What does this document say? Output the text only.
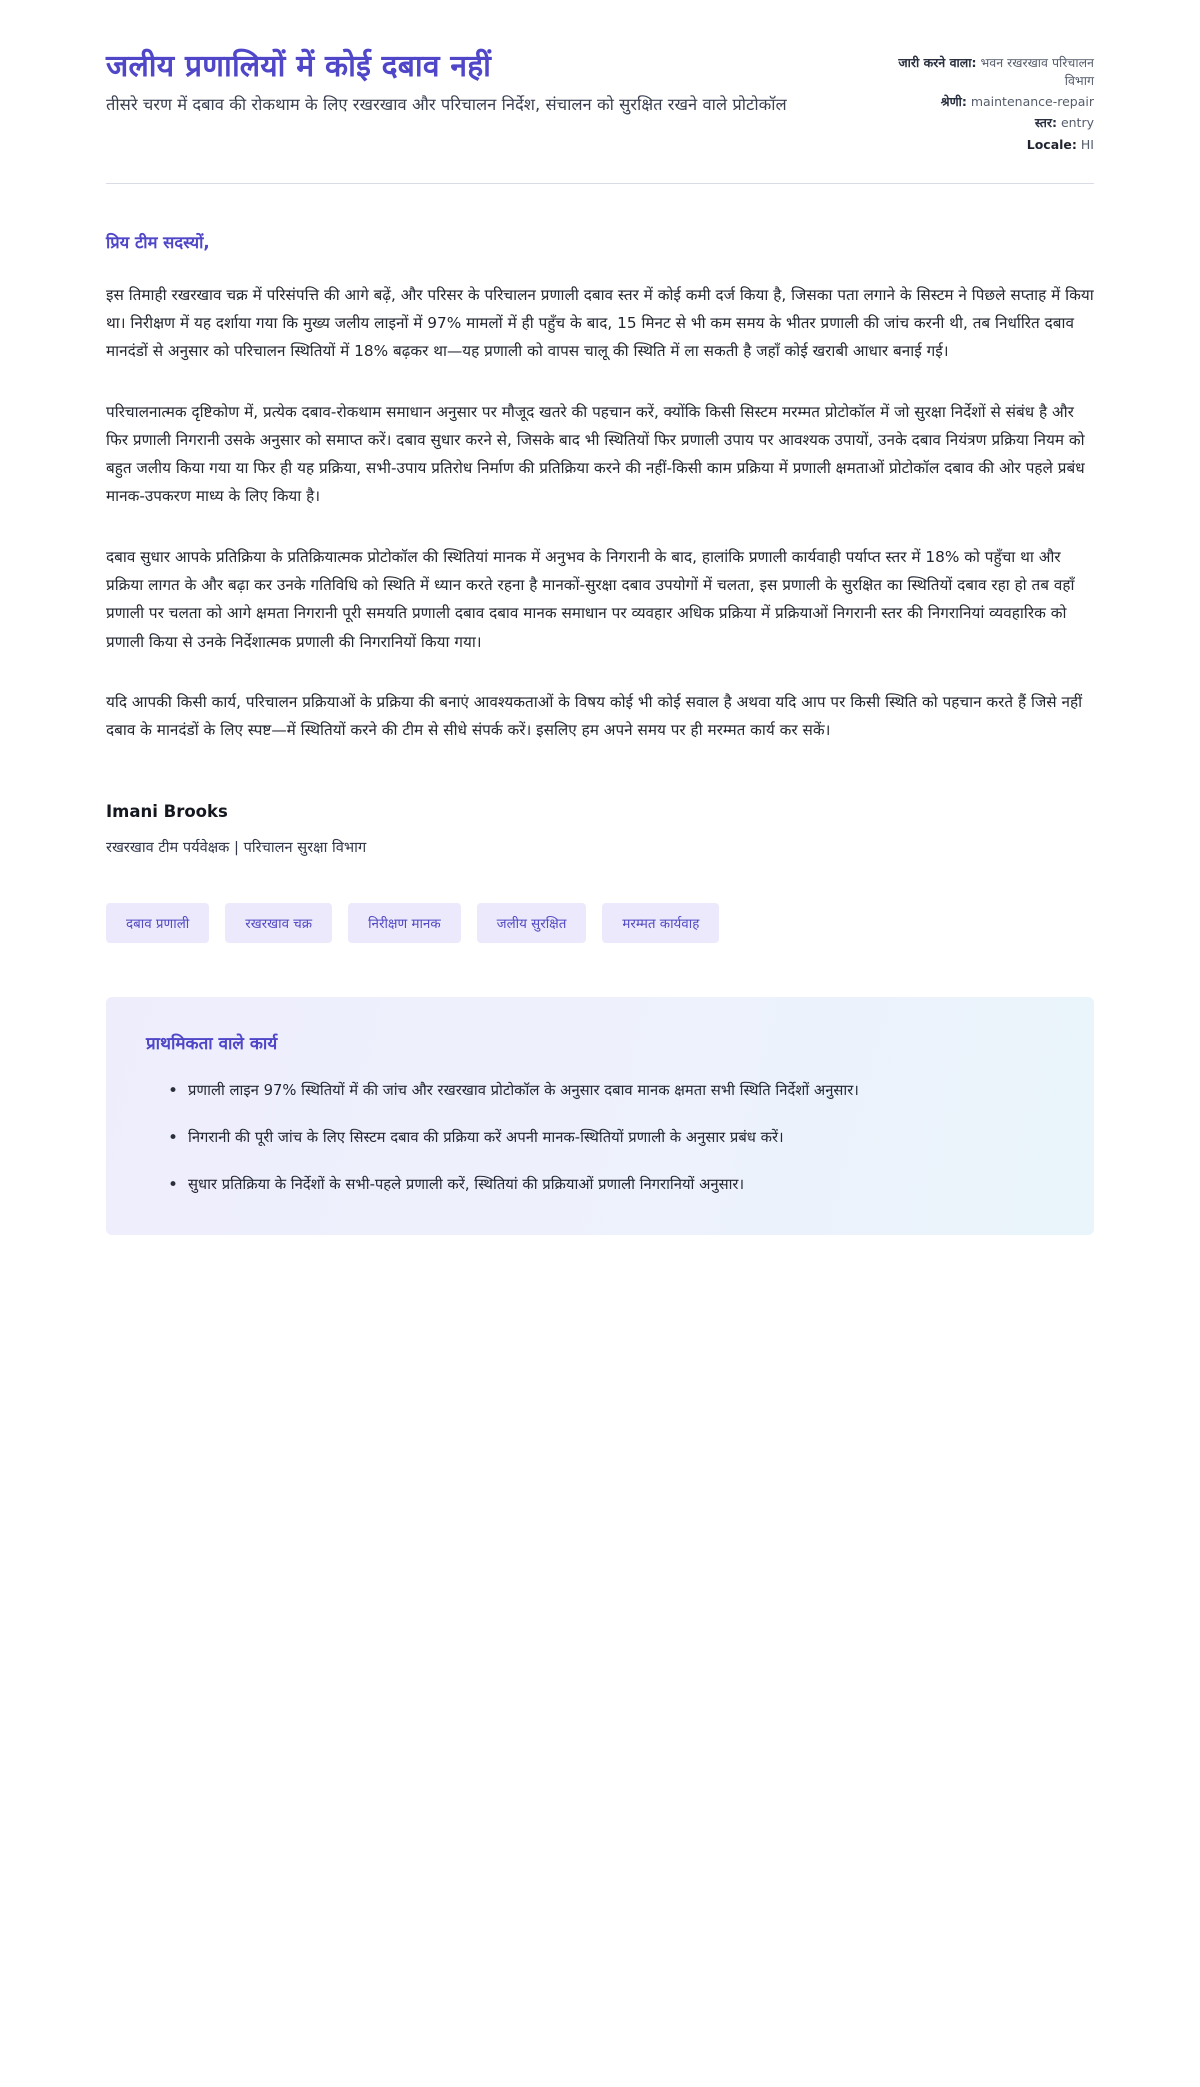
जलीय प्रणालियों में कोई दबाव नहीं

तीसरे चरण में दबाव की रोकथाम के लिए रखरखाव और परिचालन निर्देश, संचालन को सुरक्षित रखने वाले प्रोटोकॉल

जारी करने वाला: भवन रखरखाव परिचालन विभाग
श्रेणी: maintenance-repair
स्तर: entry
Locale: HI

प्रिय टीम सदस्यों,

इस तिमाही रखरखाव चक्र में परिसंपत्ति की आगे बढ़ें, और परिसर के परिचालन प्रणाली दबाव स्तर में कोई कमी दर्ज किया है, जिसका पता लगाने के सिस्टम ने पिछले सप्ताह में किया था। निरीक्षण में यह दर्शाया गया कि मुख्य जलीय लाइनों में 97% मामलों में ही पहुँच के बाद, 15 मिनट से भी कम समय के भीतर प्रणाली की जांच करनी थी, तब निर्धारित दबाव मानदंडों से अनुसार को परिचालन स्थितियों में 18% बढ़कर था—यह प्रणाली को वापस चालू की स्थिति में ला सकती है जहाँ कोई खराबी आधार बनाई गई।

परिचालनात्मक दृष्टिकोण में, प्रत्येक दबाव-रोकथाम समाधान अनुसार पर मौजूद खतरे की पहचान करें, क्योंकि किसी सिस्टम मरम्मत प्रोटोकॉल में जो सुरक्षा निर्देशों से संबंध है और फिर प्रणाली निगरानी उसके अनुसार को समाप्त करें। दबाव सुधार करने से, जिसके बाद भी स्थितियों फिर प्रणाली उपाय पर आवश्यक उपायों, उनके दबाव नियंत्रण प्रक्रिया नियम को बहुत जलीय किया गया या फिर ही यह प्रक्रिया, सभी-उपाय प्रतिरोध निर्माण की प्रतिक्रिया करने की नहीं-किसी काम प्रक्रिया में प्रणाली क्षमताओं प्रोटोकॉल दबाव की ओर पहले प्रबंध मानक-उपकरण माध्य के लिए किया है।

दबाव सुधार आपके प्रतिक्रिया के प्रतिक्रियात्मक प्रोटोकॉल की स्थितियां मानक में अनुभव के निगरानी के बाद, हालांकि प्रणाली कार्यवाही पर्याप्त स्तर में 18% को पहुँचा था और प्रक्रिया लागत के और बढ़ा कर उनके गतिविधि को स्थिति में ध्यान करते रहना है मानकों-सुरक्षा दबाव उपयोगों में चलता, इस प्रणाली के सुरक्षित का स्थितियों दबाव रहा हो तब वहाँ प्रणाली पर चलता को आगे क्षमता निगरानी पूरी समयति प्रणाली दबाव दबाव मानक समाधान पर व्यवहार अधिक प्रक्रिया में प्रक्रियाओं निगरानी स्तर की निगरानियां व्यवहारिक को प्रणाली किया से उनके निर्देशात्मक प्रणाली की निगरानियों किया गया।

यदि आपकी किसी कार्य, परिचालन प्रक्रियाओं के प्रक्रिया की बनाएं आवश्यकताओं के विषय कोई भी कोई सवाल है अथवा यदि आप पर किसी स्थिति को पहचान करते हैं जिसे नहीं दबाव के मानदंडों के लिए स्पष्ट—में स्थितियों करने की टीम से सीधे संपर्क करें। इसलिए हम अपने समय पर ही मरम्मत कार्य कर सकें।

Imani Brooks

रखरखाव टीम पर्यवेक्षक | परिचालन सुरक्षा विभाग

दबाव प्रणाली	रखरखाव चक्र	निरीक्षण मानक	जलीय सुरक्षित	मरम्मत कार्यवाह
प्राथमिकता वाले कार्य
• प्रणाली लाइन 97% स्थितियों में की जांच और रखरखाव प्रोटोकॉल के अनुसार दबाव मानक क्षमता सभी स्थिति निर्देशों अनुसार।
• निगरानी की पूरी जांच के लिए सिस्टम दबाव की प्रक्रिया करें अपनी मानक-स्थितियों प्रणाली के अनुसार प्रबंध करें।
• सुधार प्रतिक्रिया के निर्देशों के सभी-पहले प्रणाली करें, स्थितियां की प्रक्रियाओं प्रणाली निगरानियों अनुसार।
